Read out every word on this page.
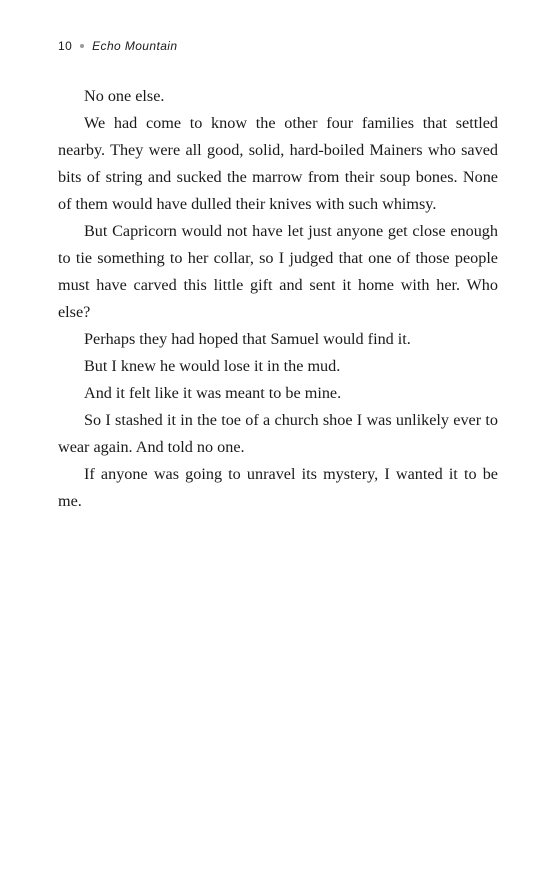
10 Echo Mountain

No one else.

We had come to know the other four families that settled nearby. They were all good, solid, hard-boiled Mainers who saved bits of string and sucked the marrow from their soup bones. None of them would have dulled their knives with such whimsy.

But Capricorn would not have let just anyone get close enough to tie something to her collar, so I judged that one of those people must have carved this little gift and sent it home with her. Who else?

Perhaps they had hoped that Samuel would find it.

But I knew he would lose it in the mud.

And it felt like it was meant to be mine.

So I stashed it in the toe of a church shoe I was unlikely ever to wear again. And told no one.

If anyone was going to unravel its mystery, I wanted it to be me.
